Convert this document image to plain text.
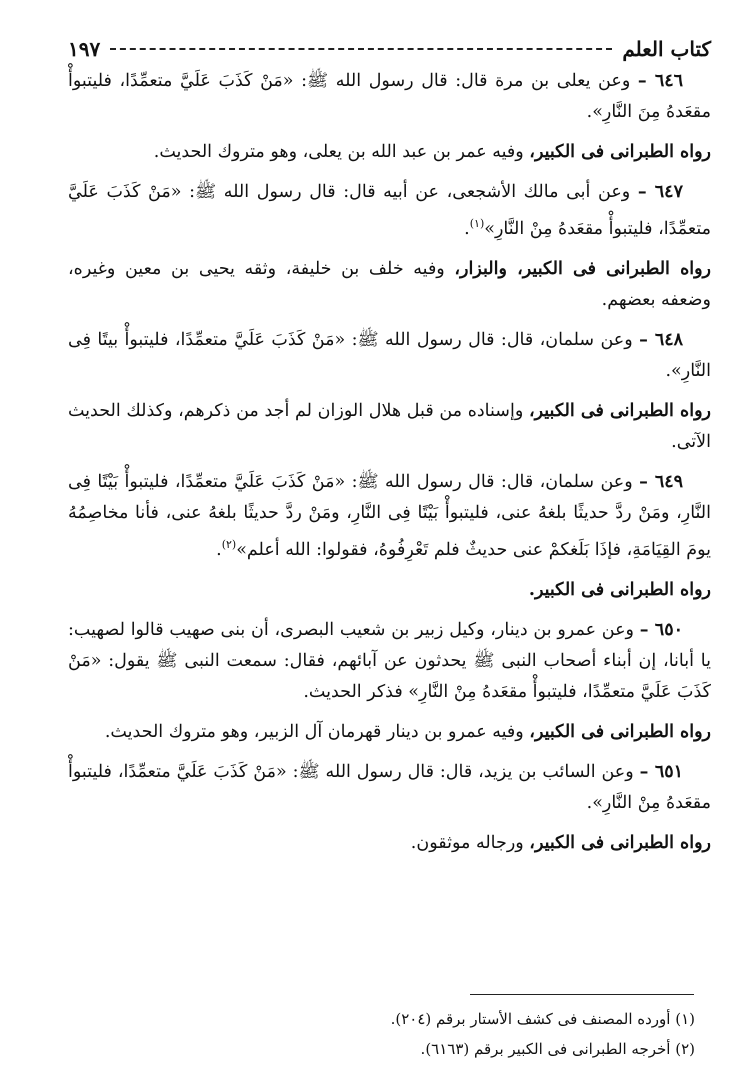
كتاب العلم
١٩٧

٦٤٦ – وعن يعلى بن مرة قال: قال رسول الله ﷺ: «مَنْ كَذَبَ عَلَيَّ متعمِّدًا، فليتبوأْ مقعَدهُ مِنَ النَّارِ».

رواه الطبرانى فى الكبير، وفيه عمر بن عبد الله بن يعلى، وهو متروك الحديث.

٦٤٧ – وعن أبى مالك الأشجعى، عن أبيه قال: قال رسول الله ﷺ: «مَنْ كَذَبَ عَلَيَّ متعمِّدًا، فليتبوأْ مقعَدهُ مِنْ النَّارِ»$^{(١)}$.

رواه الطبرانى فى الكبير، والبزار، وفيه خلف بن خليفة، وثقه يحيى بن معين وغيره، وضعفه بعضهم.

٦٤٨ – وعن سلمان، قال: قال رسول الله ﷺ: «مَنْ كَذَبَ عَلَيَّ متعمِّدًا، فليتبوأْ بيتًا فِى النَّارِ».

رواه الطبرانى فى الكبير، وإسناده من قبل هلال الوزان لم أجد من ذكرهم، وكذلك الحديث الآتى.

٦٤٩ – وعن سلمان، قال: قال رسول الله ﷺ: «مَنْ كَذَبَ عَلَيَّ متعمِّدًا، فليتبوأْ بَيْتًا فِى النَّارِ، ومَنْ ردَّ حديثًا بلغهُ عنى، فليتبوأْ بَيْتًا فِى النَّارِ، ومَنْ ردَّ حديثًا بلغهُ عنى، فأنا مخاصِمُهُ يومَ القِيَامَةِ، فإذَا بَلَغكمْ عنى حديثٌ فلم تَعْرِفُوهُ، فقولوا: الله أعلم»$^{(٢)}$.

رواه الطبرانى فى الكبير.

٦٥٠ – وعن عمرو بن دينار، وكيل زبير بن شعيب البصرى، أن بنى صهيب قالوا لصهيب: يا أبانا، إن أبناء أصحاب النبى ﷺ يحدثون عن آبائهم، فقال: سمعت النبى ﷺ يقول: «مَنْ كَذَبَ عَلَيَّ متعمِّدًا، فليتبوأْ مقعَدهُ مِنْ النَّارِ» فذكر الحديث.

رواه الطبرانى فى الكبير، وفيه عمرو بن دينار قهرمان آل الزبير، وهو متروك الحديث.

٦٥١ – وعن السائب بن يزيد، قال: قال رسول الله ﷺ: «مَنْ كَذَبَ عَلَيَّ متعمِّدًا، فليتبوأْ مقعَدهُ مِنْ النَّارِ».

رواه الطبرانى فى الكبير، ورجاله موثقون.

(١) أورده المصنف فى كشف الأستار برقم (٢٠٤).
(٢) أخرجه الطبرانى فى الكبير برقم (٦١٦٣).
